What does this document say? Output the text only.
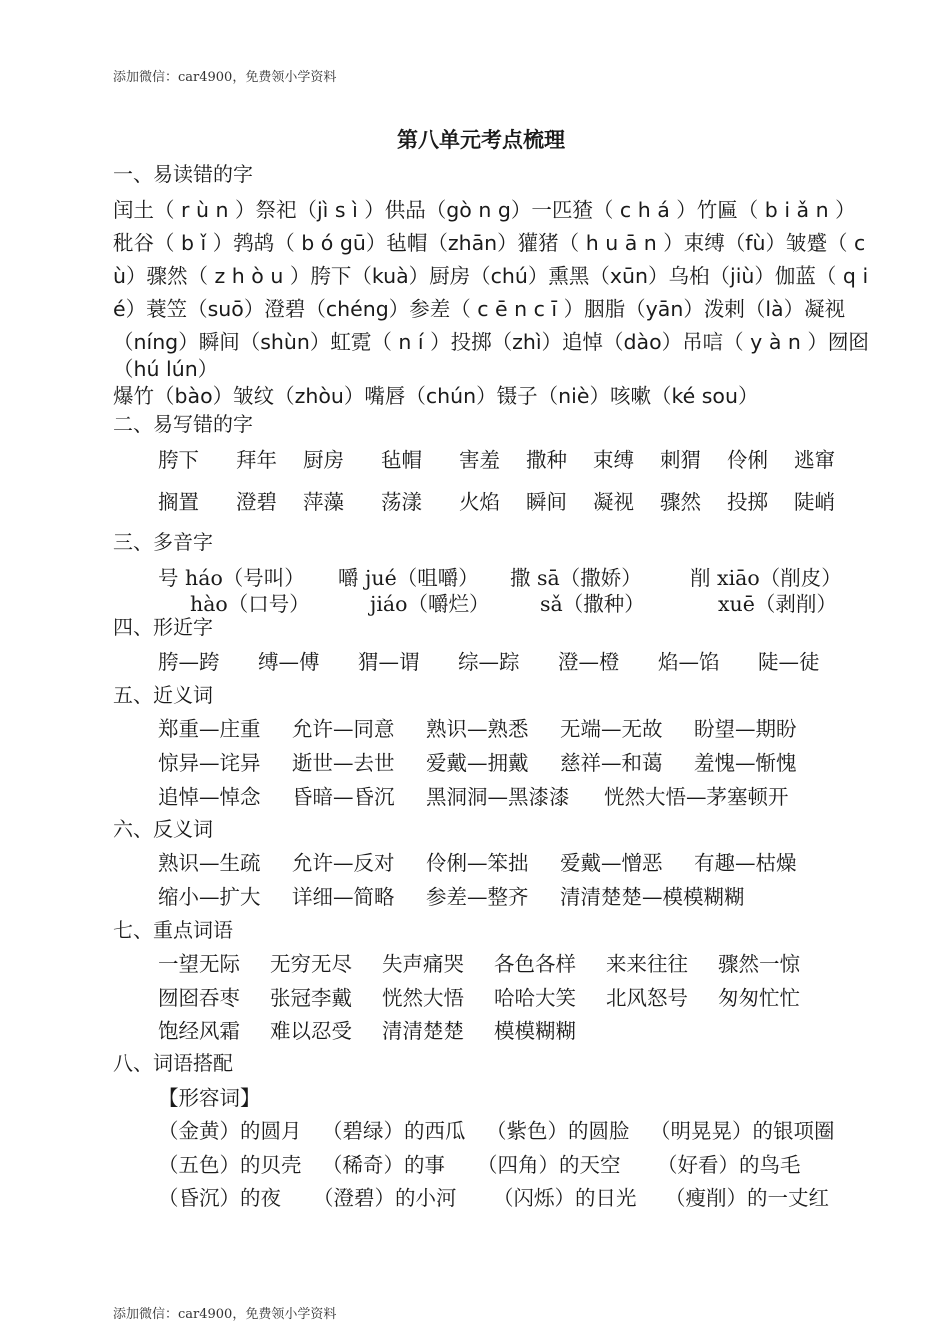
添加微信：car4900，免费领小学资料
第八单元考点梳理
一、易读错的字
闰土（ r ù n ）祭祀（jì s ì ）供品（gò n g）一匹猹（ c h á ）竹匾（ b i ǎ n ）
秕谷（ b ǐ ）鹁鸪（ b ó gū）毡帽（zhān）獾猪（ h u ā n ）束缚（fù）皱蹙（ c
ù）骤然（ z h ò u ）胯下（kuà）厨房（chú）熏黑（xūn）乌桕（jiù）伽蓝（ q i
é）蓑笠（suō）澄碧（chéng）参差（ c ē n c ī ）胭脂（yān）泼剌（là）凝视
（níng）瞬间（shùn）虹霓（ n í ）投掷（zhì）追悼（dào）吊唁（ y à n ）囫囵
（hú lún）
爆竹（bào）皱纹（zhòu）嘴唇（chún）镊子（niè）咳嗽（ké sou）
二、易写错的字
胯下 拜年 厨房 毡帽 害羞 撒种 束缚 刺猬 伶俐 逃窜
搁置 澄碧 萍藻 荡漾 火焰 瞬间 凝视 骤然 投掷 陡峭
三、多音字
号 háo（号叫） 嚼 jué（咀嚼） 撒 sā（撒娇） 削 xiāo（削皮）
hào（口号）	jiáo（嚼烂） sǎ（撒种）	xuē（剥削）
四、形近字
胯—跨 缚—傅 猬—谓 综—踪 澄—橙 焰—馅 陡—徒
五、近义词
郑重—庄重 允许—同意 熟识—熟悉 无端—无故 盼望—期盼
惊异—诧异 逝世—去世 爱戴—拥戴 慈祥—和蔼 羞愧—惭愧
追悼—悼念 昏暗—昏沉 黑洞洞—黑漆漆 恍然大悟—茅塞顿开
六、反义词
熟识—生疏 允许—反对 伶俐—笨拙 爱戴—憎恶 有趣—枯燥
缩小—扩大 详细—简略 参差—整齐 清清楚楚—模模糊糊
七、重点词语
一望无际 无穷无尽 失声痛哭 各色各样 来来往往 骤然一惊
囫囵吞枣 张冠李戴 恍然大悟 哈哈大笑 北风怒号 匆匆忙忙
饱经风霜 难以忍受 清清楚楚 模模糊糊
八、词语搭配
【形容词】
（金黄）的圆月 （碧绿）的西瓜 （紫色）的圆脸 （明晃晃）的银项圈
（五色）的贝壳 （稀奇）的事 （四角）的天空 （好看）的鸟毛
（昏沉）的夜 （澄碧）的小河 （闪烁）的日光 （瘦削）的一丈红
添加微信：car4900，免费领小学资料
